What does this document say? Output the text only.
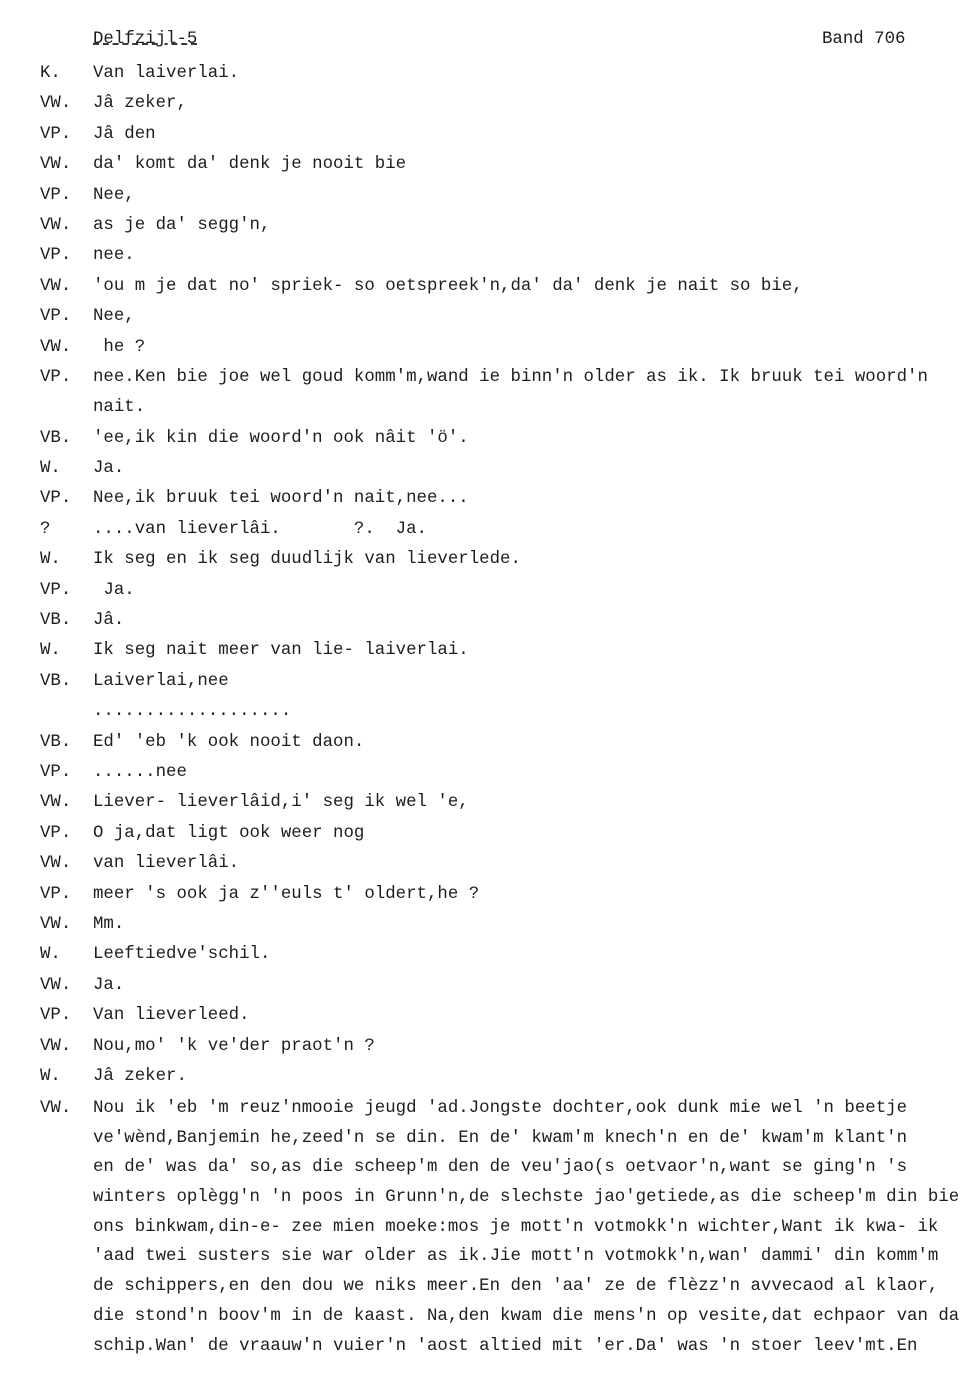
Delfzijl-5	Band 706
K. Van laiverlai.
VW. Jâ zeker,
VP. Jâ den
VW. da' komt da' denk je nooit bie
VP. Nee,
VW. as je da' segg'n,
VP. nee.
VW. 'ou m je dat no' spriek- so oetspreek'n,da' da' denk je nait so bie,
VP. Nee,
VW. he ?
VP. nee.Ken bie joe wel goud komm'm,wand ie binn'n older as ik. Ik bruuk tei woord'n
nait.
VB. 'ee,ik kin die woord'n ook nâit 'ö'.
W. Ja.
VP. Nee,ik bruuk tei woord'n nait,nee...
? ....van lieverlâi.       ?.  Ja.
W. Ik seg en ik seg duudlijk van lieverlede.
VP. Ja.
VB. Jâ.
W. Ik seg nait meer van lie- laiverlai.
VB. Laiverlai,nee
...................
VB. Ed' 'eb 'k ook nooit daon.
VP. ......nee
VW. Liever- lieverlâid,i' seg ik wel 'e,
VP. O ja,dat ligt ook weer nog
VW. van lieverlâi.
VP. meer 's ook ja z''euls t' oldert,he ?
VW. Mm.
W. Leeftiedve'schil.
VW. Ja.
VP. Van lieverleed.
VW. Nou,mo' 'k ve'der praot'n ?
W. Jâ zeker.
VW. Nou ik 'eb 'm reuz'nmooie jeugd 'ad.Jongste dochter,ook dunk mie wel 'n beetje
ve'wènd,Banjemin he,zeed'n se din. En de' kwam'm knech'n en de' kwam'm klant'n
en de' was da' so,as die scheep'm den de veu'jao(s oetvaor'n,want se ging'n 's
winters oplègg'n 'n poos in Grunn'n,de slechste jao'getiede,as die scheep'm din bie
ons binkwam,din-e- zee mien moeke:mos je mott'n votmokk'n wichter,Want ik kwa- ik
'aad twei susters sie war older as ik.Jie mott'n votmokk'n,wan' dammi' din komm'm
de schippers,en den dou we niks meer.En den 'aa' ze de flèzz'n avvecaod al klaor,
die stond'n boov'm in de kaast. Na,den kwam die mens'n op vesite,dat echpaor van da
schip.Wan' de vraauw'n vuier'n 'aost altied mit 'er.Da' was 'n stoer leev'mt.En
